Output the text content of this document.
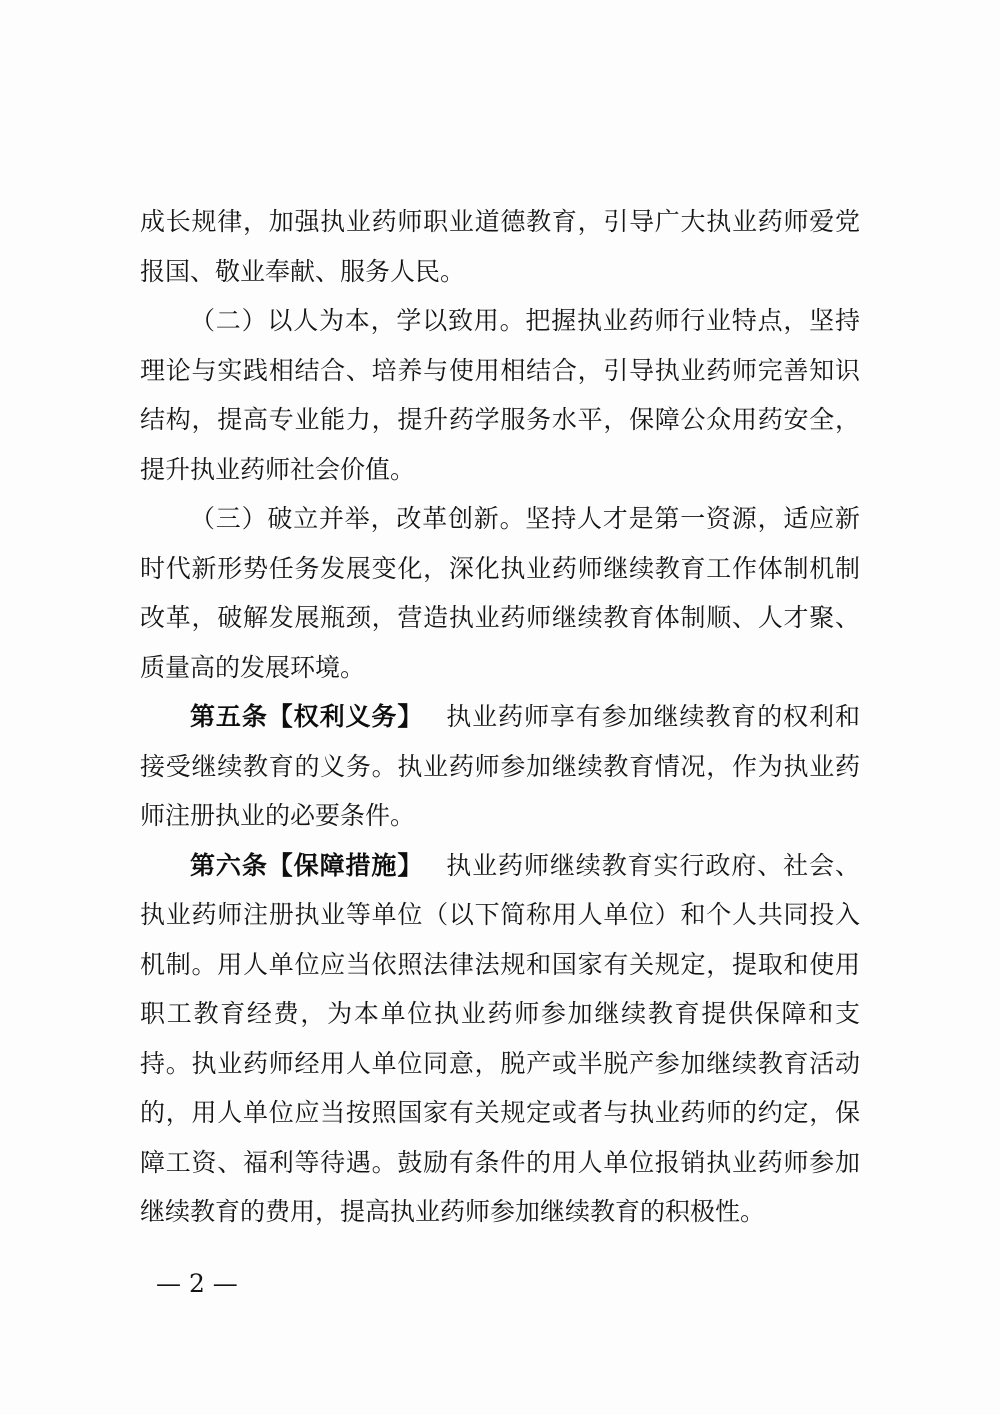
成长规律，加强执业药师职业道德教育，引导广大执业药师爱党报国、敬业奉献、服务人民。

（二）以人为本，学以致用。把握执业药师行业特点，坚持理论与实践相结合、培养与使用相结合，引导执业药师完善知识结构，提高专业能力，提升药学服务水平，保障公众用药安全，提升执业药师社会价值。

（三）破立并举，改革创新。坚持人才是第一资源，适应新时代新形势任务发展变化，深化执业药师继续教育工作体制机制改革，破解发展瓶颈，营造执业药师继续教育体制顺、人才聚、质量高的发展环境。

第五条【权利义务】 执业药师享有参加继续教育的权利和接受继续教育的义务。执业药师参加继续教育情况，作为执业药师注册执业的必要条件。

第六条【保障措施】 执业药师继续教育实行政府、社会、执业药师注册执业等单位（以下简称用人单位）和个人共同投入机制。用人单位应当依照法律法规和国家有关规定，提取和使用职工教育经费，为本单位执业药师参加继续教育提供保障和支持。执业药师经用人单位同意，脱产或半脱产参加继续教育活动的，用人单位应当按照国家有关规定或者与执业药师的约定，保障工资、福利等待遇。鼓励有条件的用人单位报销执业药师参加继续教育的费用，提高执业药师参加继续教育的积极性。

— 2 —
